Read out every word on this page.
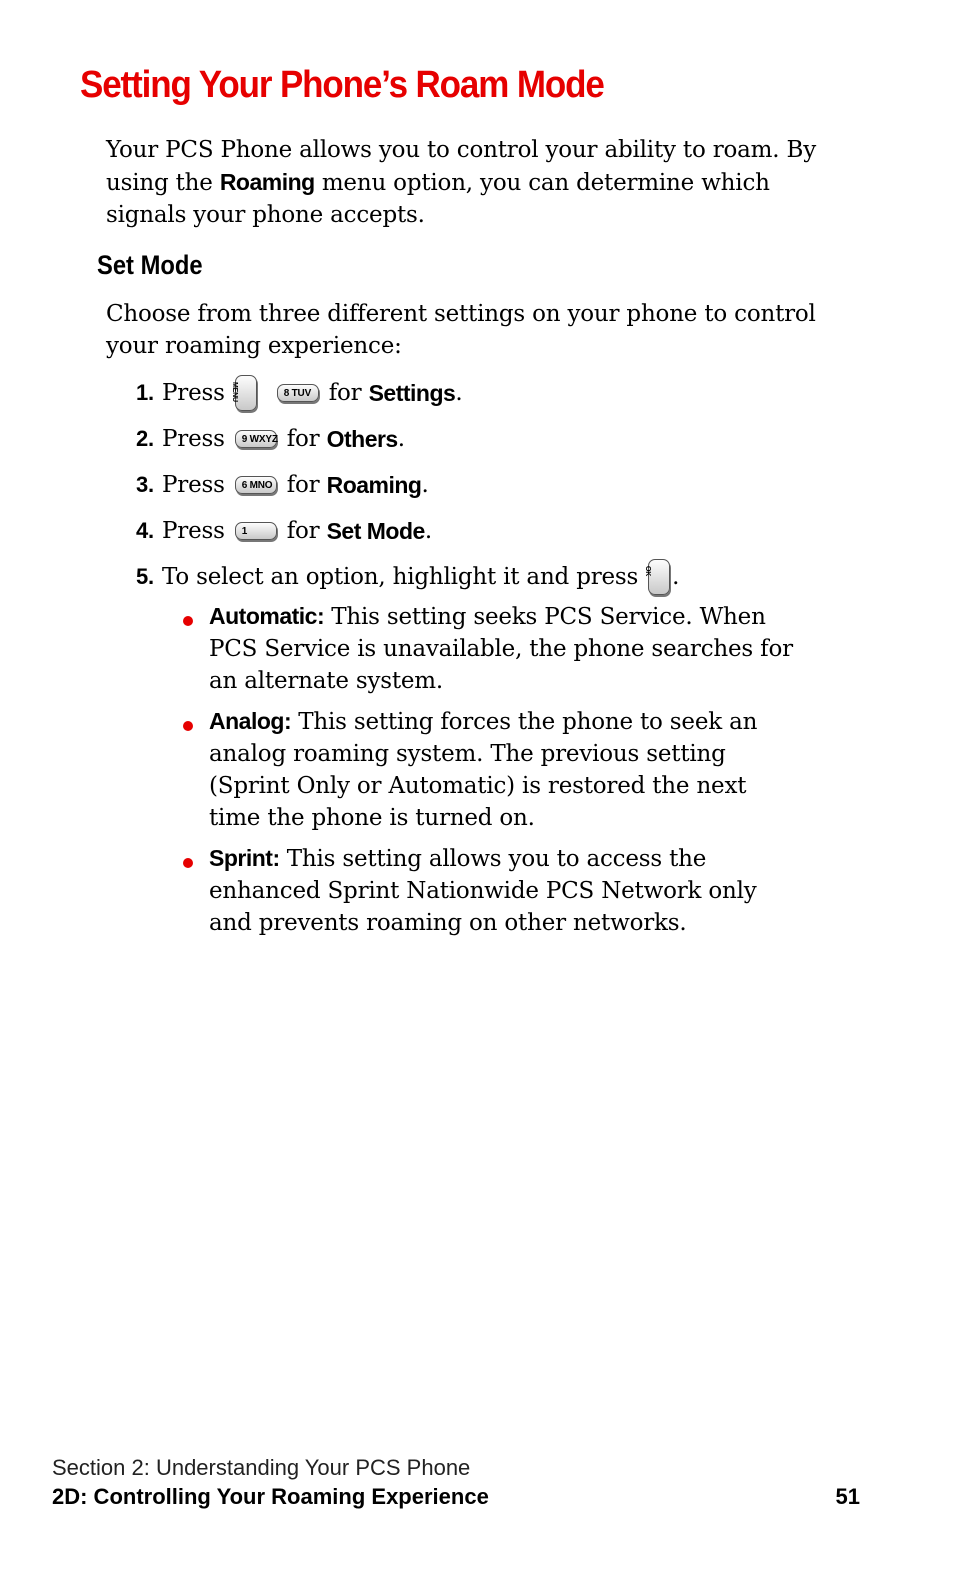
Setting Your Phone’s Roam Mode

Your PCS Phone allows you to control your ability to roam. By using the Roaming menu option, you can determine which signals your phone accepts.

Set Mode

Choose from three different settings on your phone to control your roaming experience:

1. Press MENU	8 TUV for
Settings .
2. Press	9 WXYZ for
Others .
3. Press	6 MNO for
Roaming .
4. Press	1	for
Set Mode .
5. To select an option, highlight it and press OK .
Automatic: This setting seeks PCS Service. When PCS Service is unavailable, the phone searches for an alternate system.
Analog: This setting forces the phone to seek an analog roaming system. The previous setting (Sprint Only or Automatic) is restored the next time the phone is turned on.
Sprint: This setting allows you to access the enhanced Sprint Nationwide PCS Network only and prevents roaming on other networks.
Section 2: Understanding Your PCS Phone
2D: Controlling Your Roaming Experience	51
